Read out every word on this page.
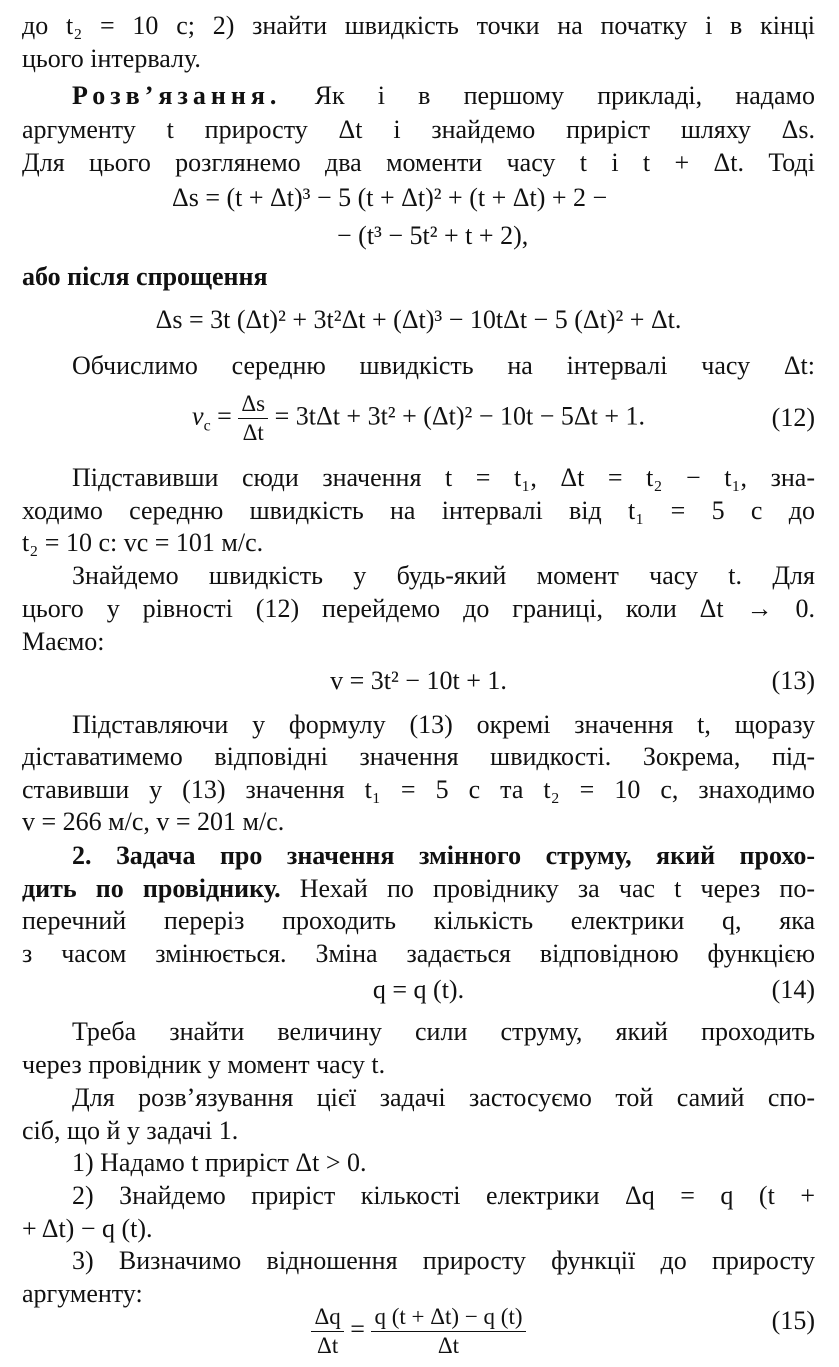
до t₂ = 10 с; 2) знайти швидкість точки на початку і в кінці
цього інтервалу.
Розв’язання. Як і в першому прикладі, надамо
аргументу t приросту Δt і знайдемо приріст шляху Δs.
Для цього розглянемо два моменти часу t і t + Δt. Тоді
Δs = (t + Δt)³ − 5 (t + Δt)² + (t + Δt) + 2 −
− (t³ − 5t² + t + 2),
або після спрощення
Δs = 3t (Δt)² + 3t²Δt + (Δt)³ − 10tΔt − 5 (Δt)² + Δt.
Обчислимо середню швидкість на інтервалі часу Δt:
$v_с = \frac{\Delta s}{\Delta t} = 3t\Delta t + 3t^2 + (\Delta t)^2 - 10t - 5\Delta t + 1$.	(12)
Підставивши сюди значення t = t₁, Δt = t₂ − t₁, зна-
ходимо середню швидкість на інтервалі від t₁ = 5 с до
t₂ = 10 с: vс = 101 м/с.
Знайдемо швидкість у будь-який момент часу t. Для
цього у рівності (12) перейдемо до границі, коли Δt → 0.
Маємо:
v = 3t² − 10t + 1.	(13)
Підставляючи у формулу (13) окремі значення t, щоразу
діставатимемо відповідні значення швидкості. Зокрема, під-
ставивши у (13) значення t₁ = 5 с та t₂ = 10 с, знаходимо
v = 266 м/с, v = 201 м/с.
2. Задача про значення змінного струму, який прохо-
дить по провіднику. Нехай по провіднику за час t через по-
перечний переріз проходить кількість електрики q, яка
з часом змінюється. Зміна задається відповідною функцією
q = q (t).	(14)
Треба знайти величину сили струму, який проходить
через провідник у момент часу t.
Для розв’язування цієї задачі застосуємо той самий спо-
сіб, що й у задачі 1.
1) Надамо t приріст Δt > 0.
2) Знайдемо приріст кількості електрики Δq = q (t +
+ Δt) − q (t).
3) Визначимо відношення приросту функції до приросту
аргументу:
$\frac{\Delta q}{\Delta t} = \frac{q (t + \Delta t) - q (t)}{\Delta t}$	(15)
